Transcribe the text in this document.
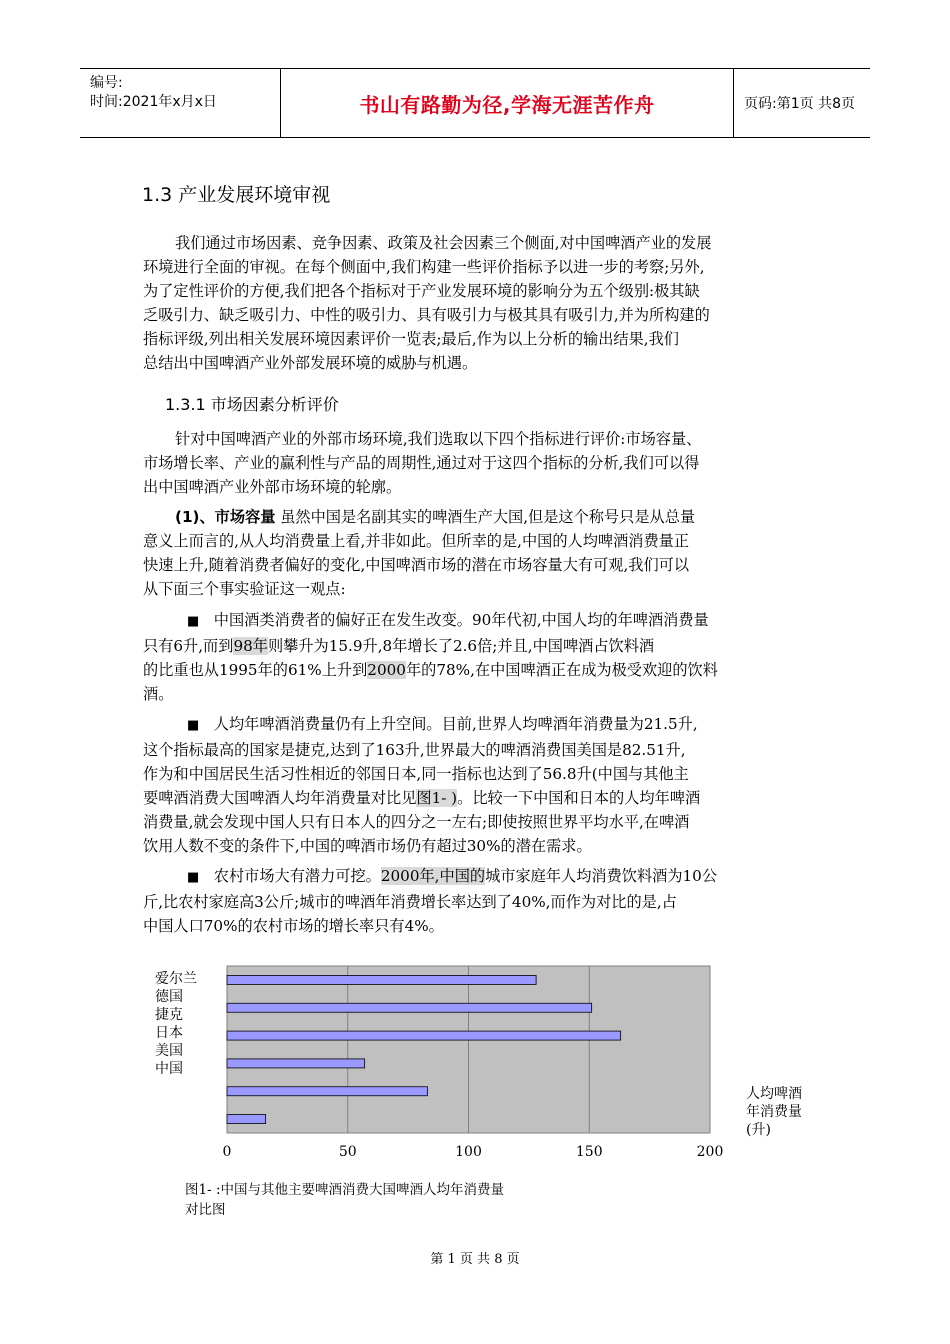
编号:
时间:2021年x月x日	书山有路勤为径,学海无涯苦作舟	页码:第1页 共8页
1.3 产业发展环境审视
我们通过市场因素、竞争因素、政策及社会因素三个侧面,对中国啤酒产业的发展
环境进行全面的审视。在每个侧面中,我们构建一些评价指标予以进一步的考察;另外,
为了定性评价的方便,我们把各个指标对于产业发展环境的影响分为五个级别:极其缺
乏吸引力、缺乏吸引力、中性的吸引力、具有吸引力与极其具有吸引力,并为所构建的
指标评级,列出相关发展环境因素评价一览表;最后,作为以上分析的输出结果,我们
总结出中国啤酒产业外部发展环境的威胁与机遇。
1.3.1 市场因素分析评价
针对中国啤酒产业的外部市场环境,我们选取以下四个指标进行评价:市场容量、
市场增长率、产业的赢利性与产品的周期性,通过对于这四个指标的分析,我们可以得
出中国啤酒产业外部市场环境的轮廓。
(1)、市场容量 虽然中国是名副其实的啤酒生产大国,但是这个称号只是从总量
意义上而言的,从人均消费量上看,并非如此。但所幸的是,中国的人均啤酒消费量正
快速上升,随着消费者偏好的变化,中国啤酒市场的潜在市场容量大有可观,我们可以
从下面三个事实验证这一观点:
■ 中国酒类消费者的偏好正在发生改变。90年代初,中国人均的年啤酒消费量
只有6升,而到98年则攀升为15.9升,8年增长了2.6倍;并且,中国啤酒占饮料酒
的比重也从1995年的61%上升到2000年的78%,在中国啤酒正在成为极受欢迎的饮料
酒。
■ 人均年啤酒消费量仍有上升空间。目前,世界人均啤酒年消费量为21.5升,
这个指标最高的国家是捷克,达到了163升,世界最大的啤酒消费国美国是82.51升,
作为和中国居民生活习性相近的邻国日本,同一指标也达到了56.8升(中国与其他主
要啤酒消费大国啤酒人均年消费量对比见图1- )。比较一下中国和日本的人均年啤酒
消费量,就会发现中国人只有日本人的四分之一左右;即使按照世界平均水平,在啤酒
饮用人数不变的条件下,中国的啤酒市场仍有超过30%的潜在需求。
■ 农村市场大有潜力可挖。2000年,中国的城市家庭年人均消费饮料酒为10公
斤,比农村家庭高3公斤;城市的啤酒年消费增长率达到了40%,而作为对比的是,占
中国人口70%的农村市场的增长率只有4%。
爱尔兰
德国
捷克
日本
美国
中国
0	50	100	150	200
人均啤酒
年消费量
(升)
图1- :中国与其他主要啤酒消费大国啤酒人均年消费量
对比图
第 1 页 共 8 页
